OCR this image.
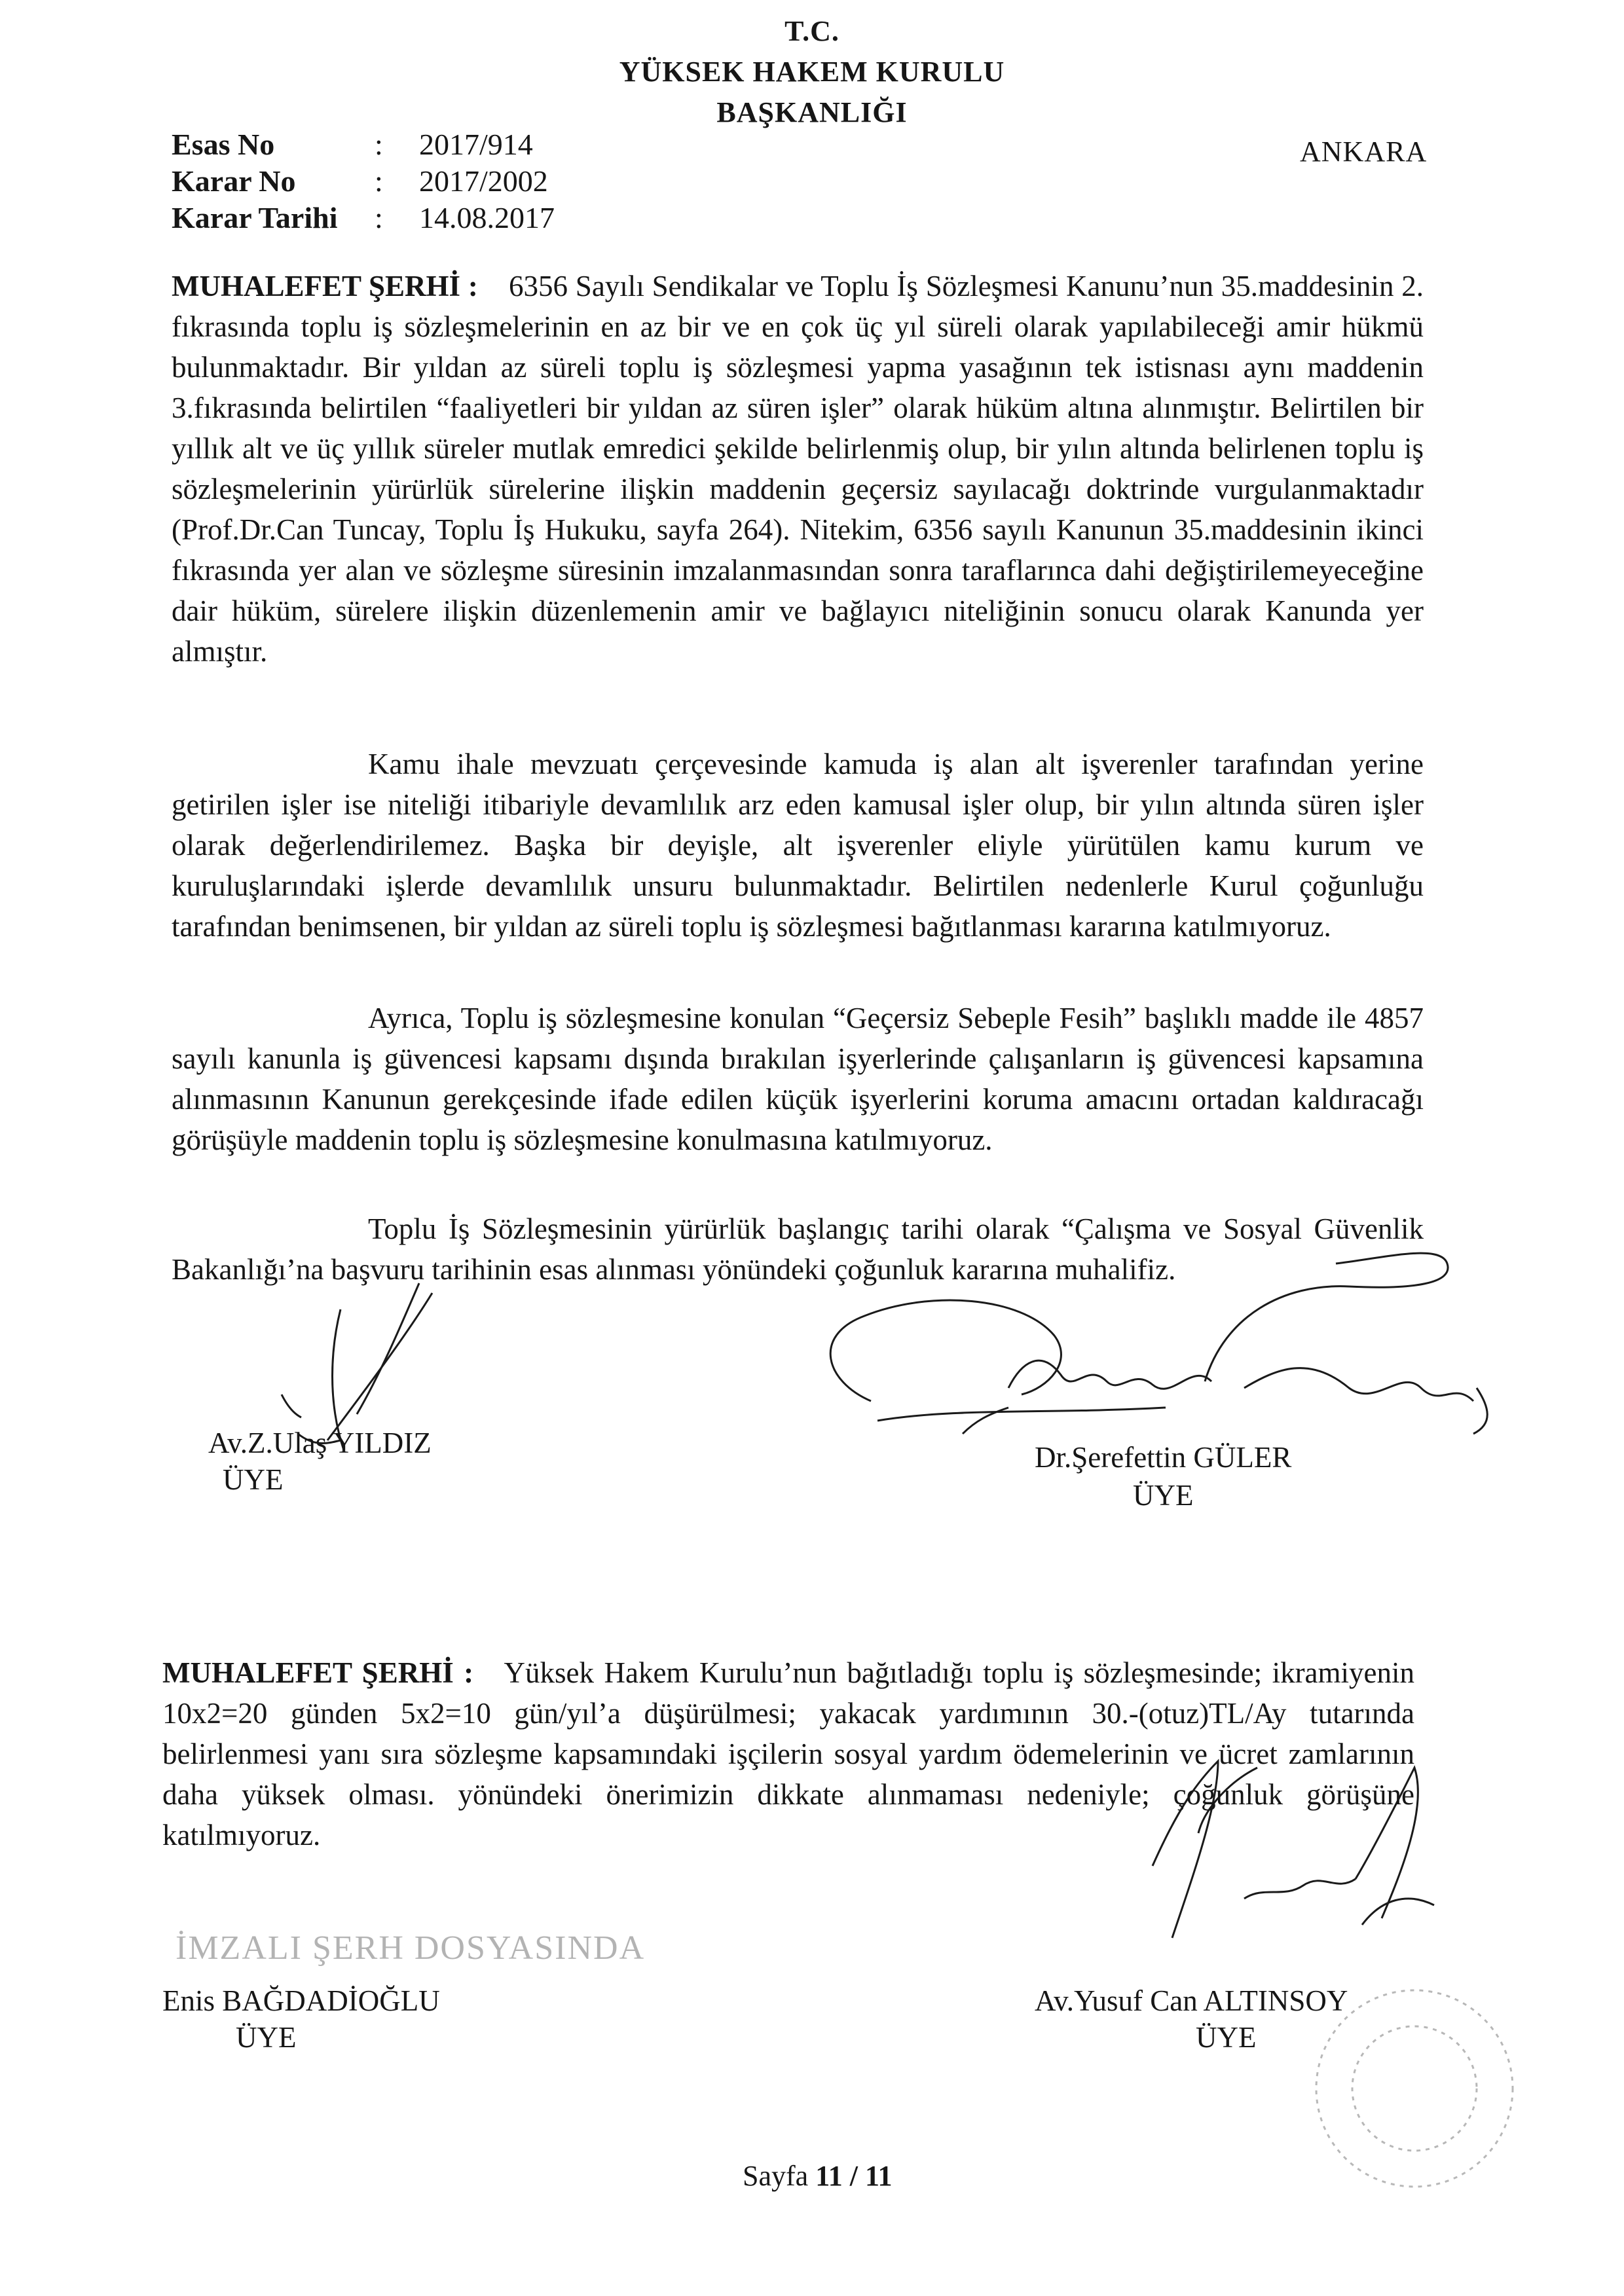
T.C.
YÜKSEK HAKEM KURULU
BAŞKANLIĞI
Esas No	: 2017/914
Karar No	: 2017/2002
Karar Tarihi : 14.08.2017
ANKARA
MUHALEFET ŞERHİ : 6356 Sayılı Sendikalar ve Toplu İş Sözleşmesi Kanunu’nun 35.maddesinin 2. fıkrasında toplu iş sözleşmelerinin en az bir ve en çok üç yıl süreli olarak yapılabileceği amir hükmü bulunmaktadır. Bir yıldan az süreli toplu iş sözleşmesi yapma yasağının tek istisnası aynı maddenin 3.fıkrasında belirtilen “faaliyetleri bir yıldan az süren işler” olarak hüküm altına alınmıştır. Belirtilen bir yıllık alt ve üç yıllık süreler mutlak emredici şekilde belirlenmiş olup, bir yılın altında belirlenen toplu iş sözleşmelerinin yürürlük sürelerine ilişkin maddenin geçersiz sayılacağı doktrinde vurgulanmaktadır (Prof.Dr.Can Tuncay, Toplu İş Hukuku, sayfa 264). Nitekim, 6356 sayılı Kanunun 35.maddesinin ikinci fıkrasında yer alan ve sözleşme süresinin imzalanmasından sonra taraflarınca dahi değiştirilemeyeceğine dair hüküm, sürelere ilişkin düzenlemenin amir ve bağlayıcı niteliğinin sonucu olarak Kanunda yer almıştır.
Kamu ihale mevzuatı çerçevesinde kamuda iş alan alt işverenler tarafından yerine getirilen işler ise niteliği itibariyle devamlılık arz eden kamusal işler olup, bir yılın altında süren işler olarak değerlendirilemez. Başka bir deyişle, alt işverenler eliyle yürütülen kamu kurum ve kuruluşlarındaki işlerde devamlılık unsuru bulunmaktadır. Belirtilen nedenlerle Kurul çoğunluğu tarafından benimsenen, bir yıldan az süreli toplu iş sözleşmesi bağıtlanması kararına katılmıyoruz.
Ayrıca, Toplu iş sözleşmesine konulan “Geçersiz Sebeple Fesih” başlıklı madde ile 4857 sayılı kanunla iş güvencesi kapsamı dışında bırakılan işyerlerinde çalışanların iş güvencesi kapsamına alınmasının Kanunun gerekçesinde ifade edilen küçük işyerlerini koruma amacını ortadan kaldıracağı görüşüyle maddenin toplu iş sözleşmesine konulmasına katılmıyoruz.
Toplu İş Sözleşmesinin yürürlük başlangıç tarihi olarak “Çalışma ve Sosyal Güvenlik Bakanlığı’na başvuru tarihinin esas alınması yönündeki çoğunluk kararına muhalifiz.
Av.Z.Ulaş YILDIZ
ÜYE
Dr.Şerefettin GÜLER
ÜYE
MUHALEFET ŞERHİ : Yüksek Hakem Kurulu’nun bağıtladığı toplu iş sözleşmesinde; ikramiyenin 10x2=20 günden 5x2=10 gün/yıl’a düşürülmesi; yakacak yardımının 30.-(otuz)TL/Ay tutarında belirlenmesi yanı sıra sözleşme kapsamındaki işçilerin sosyal yardım ödemelerinin ve ücret zamlarının daha yüksek olması. yönündeki önerimizin dikkate alınmaması nedeniyle; çoğunluk görüşüne katılmıyoruz.
İMZALI ŞERH DOSYASINDA
Enis BAĞDADİOĞLU
ÜYE
Av.Yusuf Can ALTINSOY
ÜYE
Sayfa 11 / 11
